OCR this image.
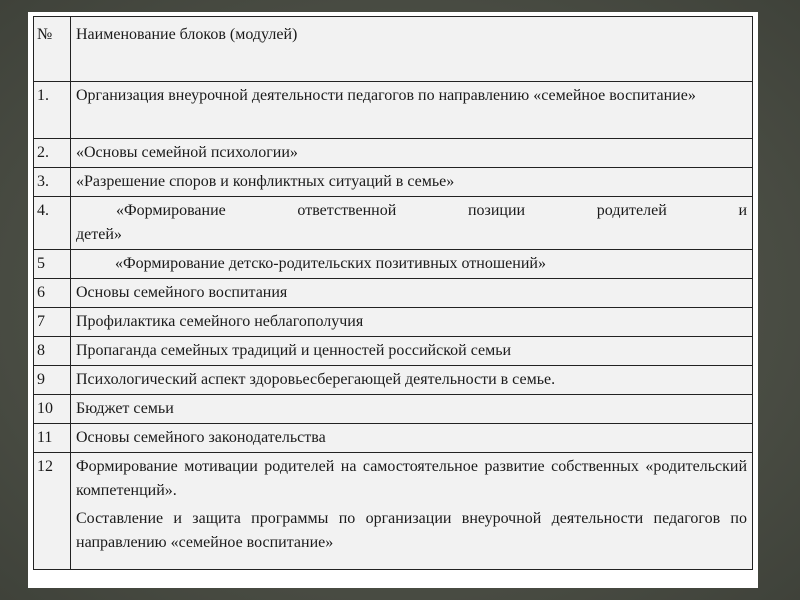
№	Наименование блоков (модулей)
1.	Организация внеурочной деятельности педагогов по направлению «семейное воспитание»
2.	«Основы семейной психологии»
3.	«Разрешение споров и конфликтных ситуаций в семье»
4.	«Формирование ответственной позиции родителей и
детей»

5	«Формирование детско-родительских позитивных отношений»
6	Основы семейного воспитания
7	Профилактика семейного неблагополучия
8	Пропаганда семейных традиций и ценностей российской семьи
9	Психологический аспект здоровьесберегающей деятельности в семье.
10	Бюджет семьи
11	Основы семейного законодательства
12	Формирование мотивации родителей на самостоятельное развитие собственных «родительский компетенций».

Составление и защита программы по организации внеурочной деятельности педагогов по направлению «семейное воспитание»
